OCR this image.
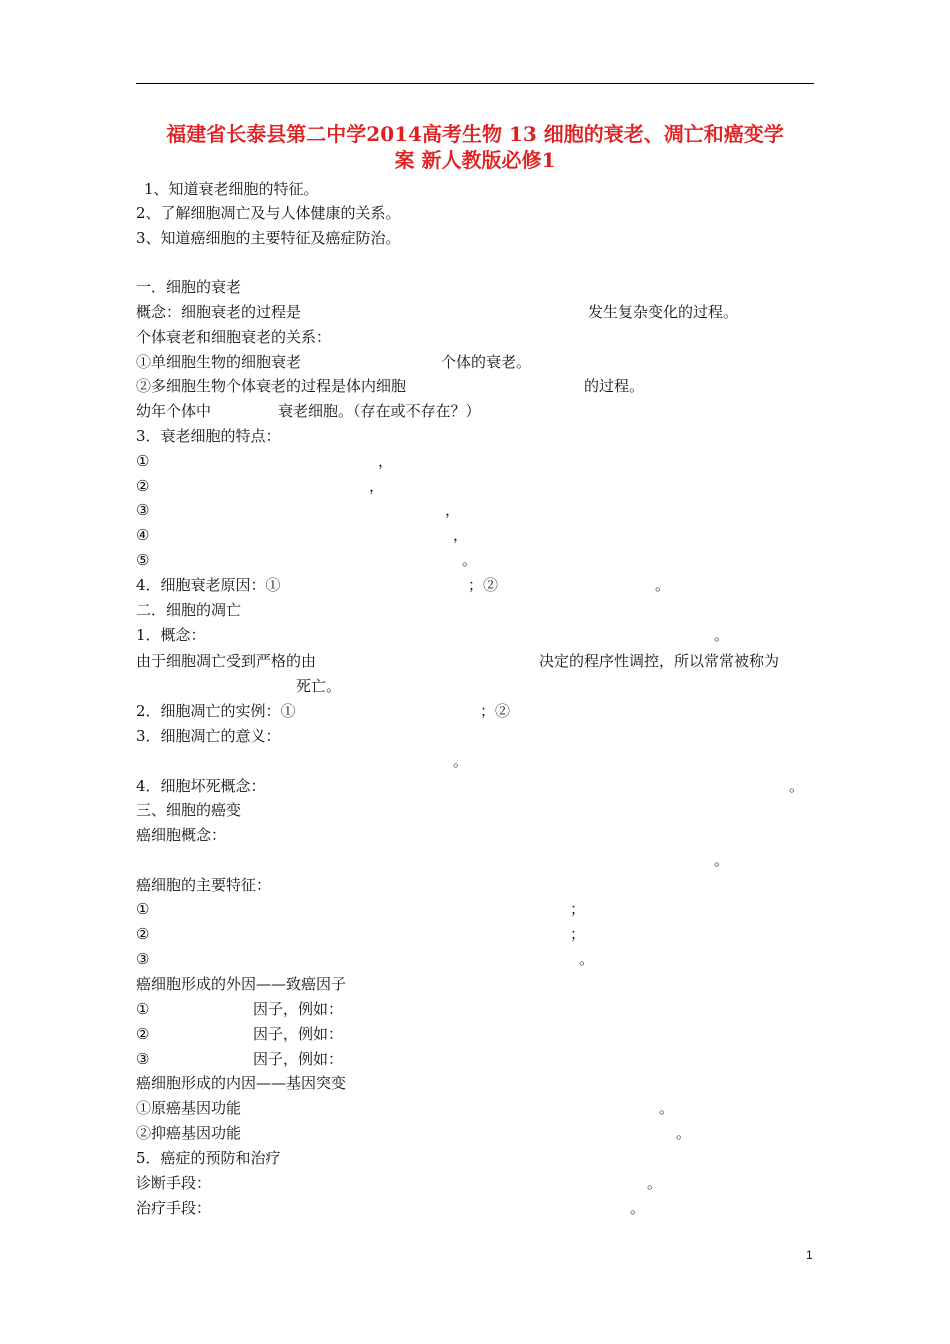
福建省长泰县第二中学2014高考生物 13 细胞的衰老、凋亡和癌变学
案 新人教版必修1
1、知道衰老细胞的特征。
2、了解细胞凋亡及与人体健康的关系。
3、知道癌细胞的主要特征及癌症防治。
一．细胞的衰老
概念：细胞衰老的过程是	发生复杂变化的过程。
个体衰老和细胞衰老的关系：
①单细胞生物的细胞衰老	个体的衰老。
②多细胞生物个体衰老的过程是体内细胞	的过程。
幼年个体中	衰老细胞。（存在或不存在？）
3．衰老细胞的特点：
①	，
②	，
③	，
④	，
⑤	。
4．细胞衰老原因：①	；②	。
二．细胞的凋亡
1．概念：	。
由于细胞凋亡受到严格的由	决定的程序性调控，所以常常被称为
死亡。
2．细胞凋亡的实例：①	；②
3．细胞凋亡的意义：
。
4．细胞坏死概念：	。
三、细胞的癌变
癌细胞概念：
。
癌细胞的主要特征：
①	；
②	；
③	。
癌细胞形成的外因——致癌因子
①	因子，例如：
②	因子，例如：
③	因子，例如：
癌细胞形成的内因——基因突变
①原癌基因功能	。
②抑癌基因功能	。
5．癌症的预防和治疗
诊断手段：	。
治疗手段：	。
1
